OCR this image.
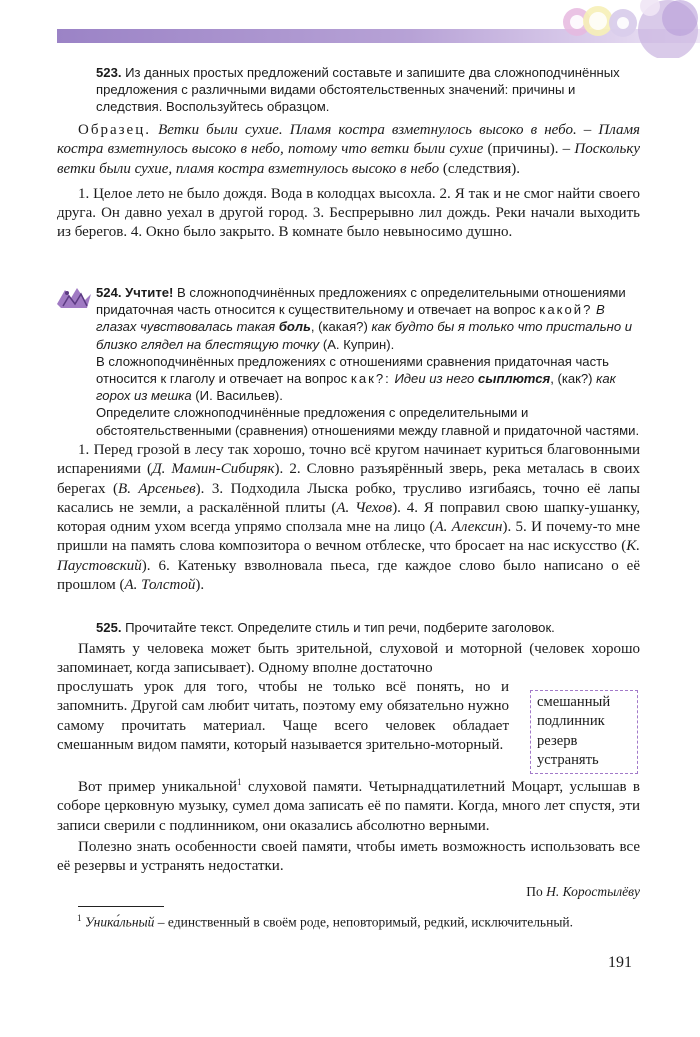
523. Из данных простых предложений составьте и запишите два сложноподчинённых предложения с различными видами обстоятельственных значений: причины и следствия. Воспользуйтесь образцом.

Образец. Ветки были сухие. Пламя костра взметнулось высоко в небо. – Пламя костра взметнулось высоко в небо, потому что ветки были сухие (причины). – Поскольку ветки были сухие, пламя костра взметнулось высоко в небо (следствия).

1. Целое лето не было дождя. Вода в колодцах высохла. 2. Я так и не смог найти своего друга. Он давно уехал в другой город. 3. Беспрерывно лил дождь. Реки начали выходить из берегов. 4. Окно было закрыто. В комнате было невыносимо душно.

524. Учтите! В сложноподчинённых предложениях с определительными отношениями придаточная часть относится к существительному и отвечает на вопрос какой? В глазах чувствовалась такая боль, (какая?) как будто бы я только что пристально и близко глядел на блестящую точку (А. Куприн).
В сложноподчинённых предложениях с отношениями сравнения придаточная часть относится к глаголу и отвечает на вопрос как?: Идеи из него сыплются, (как?) как горох из мешка (И. Васильев).
Определите сложноподчинённые предложения с определительными и обстоятельственными (сравнения) отношениями между главной и придаточной частями.

1. Перед грозой в лесу так хорошо, точно всё кругом начинает куриться благовонными испарениями (Д. Мамин-Сибиряк). 2. Словно разъярённый зверь, река металась в своих берегах (В. Арсеньев). 3. Подходила Лыска робко, трусливо изгибаясь, точно её лапы касались не земли, а раскалённой плиты (А. Чехов). 4. Я поправил свою шапку-ушанку, которая одним ухом всегда упрямо сползала мне на лицо (А. Алексин). 5. И почему-то мне пришли на память слова композитора о вечном отблеске, что бросает на нас искусство (К. Паустовский). 6. Катеньку взволновала пьеса, где каждое слово было написано о её прошлом (А. Толстой).

525. Прочитайте текст. Определите стиль и тип речи, подберите заголовок.

Память у человека может быть зрительной, слуховой и моторной (человек хорошо запоминает, когда записывает). Одному вполне достаточно

прослушать урок для того, чтобы не только всё понять, но и запомнить. Другой сам любит читать, поэтому ему обязательно нужно самому прочитать материал. Чаще всего человек обладает смешанным видом памяти, который называется зрительно-моторный.

смешанный
подлинник
резерв
устранять

Вот пример уникальной$^1$ слуховой памяти. Четырнадцатилетний Моцарт, услышав в соборе церковную музыку, сумел дома записать её по памяти. Когда, много лет спустя, эти записи сверили с подлинником, они оказались абсолютно верными.

Полезно знать особенности своей памяти, чтобы иметь возможность использовать все её резервы и устранять недостатки.

По Н. Коростылёву

$^1$ Уника́льный – единственный в своём роде, неповторимый, редкий, исключительный.
191
